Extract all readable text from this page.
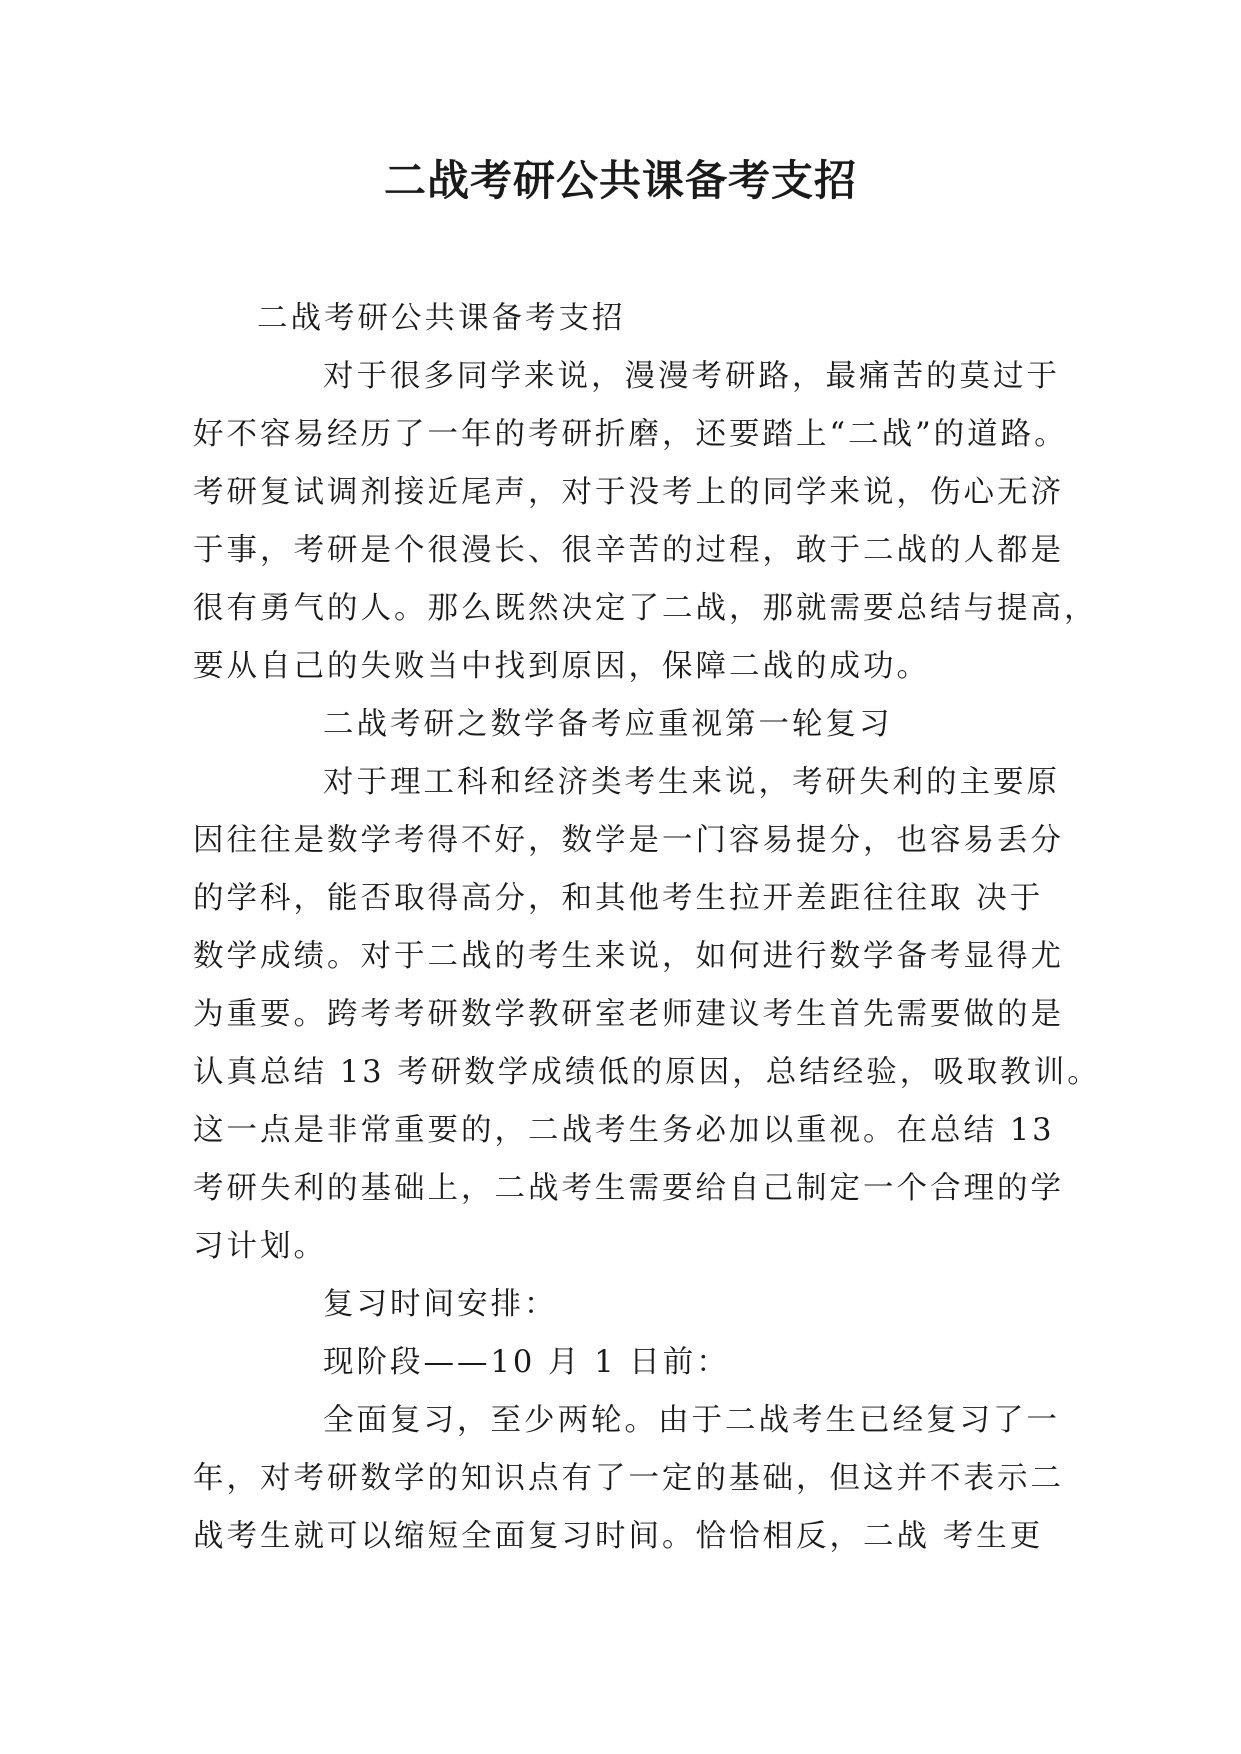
二战考研公共课备考支招
二战考研公共课备考支招
对于很多同学来说，漫漫考研路，最痛苦的莫过于
好不容易经历了一年的考研折磨，还要踏上“二战”的道路。
考研复试调剂接近尾声，对于没考上的同学来说，伤心无济
于事，考研是个很漫长、很辛苦的过程，敢于二战的人都是
很有勇气的人。那么既然决定了二战，那就需要总结与提高，
要从自己的失败当中找到原因，保障二战的成功。
二战考研之数学备考应重视第一轮复习
对于理工科和经济类考生来说，考研失利的主要原
因往往是数学考得不好，数学是一门容易提分，也容易丢分
的学科，能否取得高分，和其他考生拉开差距往往取 决于
数学成绩。对于二战的考生来说，如何进行数学备考显得尤
为重要。跨考考研数学教研室老师建议考生首先需要做的是
认真总结 13 考研数学成绩低的原因，总结经验，吸取教训。
这一点是非常重要的，二战考生务必加以重视。在总结 13
考研失利的基础上，二战考生需要给自己制定一个合理的学
习计划。
复习时间安排：
现阶段——10 月 1 日前：
全面复习，至少两轮。由于二战考生已经复习了一
年，对考研数学的知识点有了一定的基础，但这并不表示二
战考生就可以缩短全面复习时间。恰恰相反，二战 考生更
